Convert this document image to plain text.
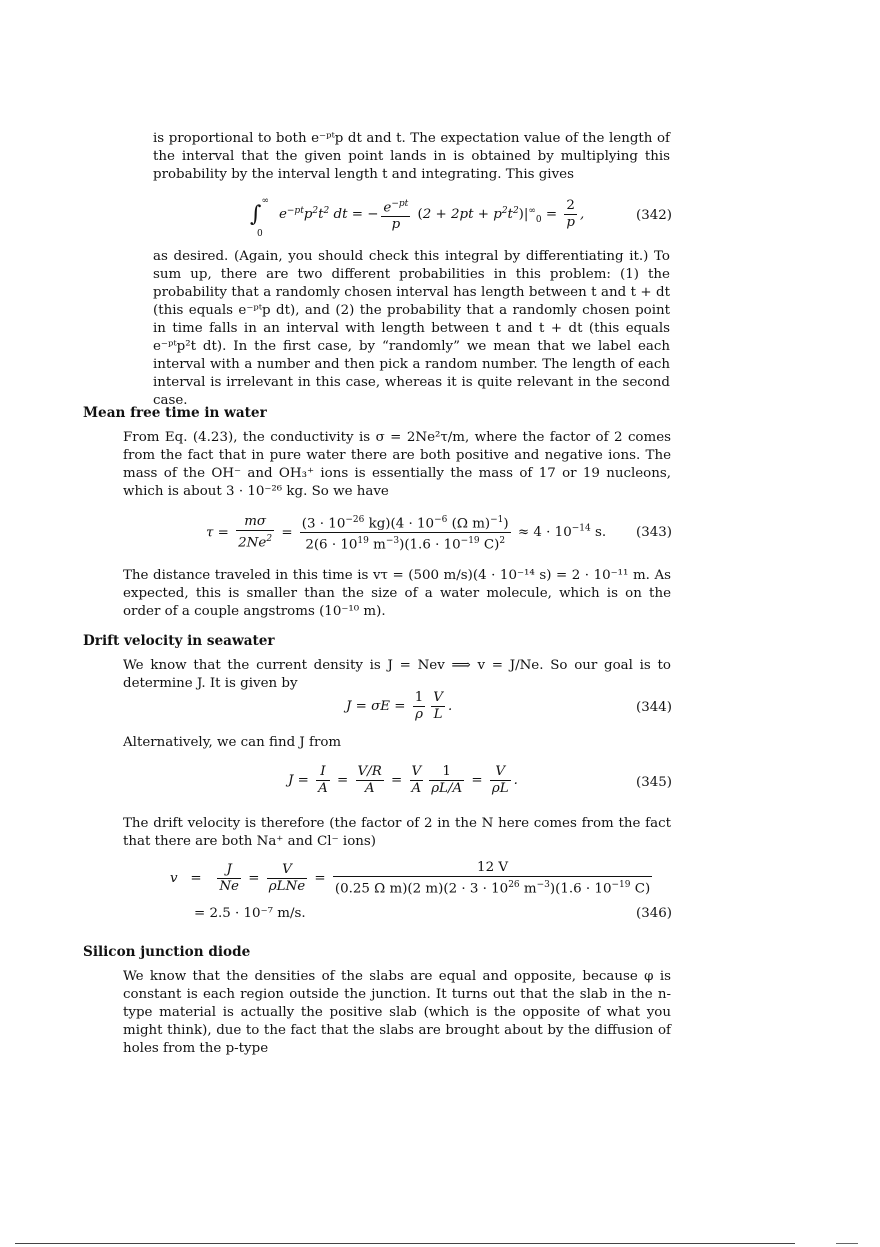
is proportional to both e⁻ᵖᵗp dt and t. The expectation value of the length of the interval that the given point lands in is obtained by multiplying this probability by the interval length t and integrating. This gives
$\int^\infty_0$ $e^{-pt}p^2t^2$ dt = − $\frac{e^{-pt}}{p} (2 + 2pt + p^2t^2)|^\infty_0 = \frac{2}{p}$ ,	(342)
as desired. (Again, you should check this integral by differentiating it.) To sum up, there are two different probabilities in this problem: (1) the probability that a randomly chosen interval has length between t and t + dt (this equals e⁻ᵖᵗp dt), and (2) the probability that a randomly chosen point in time falls in an interval with length between t and t + dt (this equals e⁻ᵖᵗp²t dt). In the first case, by “randomly” we mean that we label each interval with a number and then pick a random number. The length of each interval is irrelevant in this case, whereas it is quite relevant in the second case.
Mean free time in water
From Eq. (4.23), the conductivity is σ = 2Ne²τ/m, where the factor of 2 comes from the fact that in pure water there are both positive and negative ions. The mass of the OH⁻ and OH₃⁺ ions is essentially the mass of 17 or 19 nucleons, which is about 3 · 10⁻²⁶ kg. So we have
$\tau = \frac{m\sigma}{2Ne^2} = \frac{(3 \cdot 10^{-26} kg)(4 \cdot 10^{-6} (\Omega m)^{-1})}{2(6 \cdot 10^{19} m^{-3})(1.6 \cdot 10^{-19} C)^2} \approx 4 \cdot 10^{-14}$ s. (343)
The distance traveled in this time is vτ = (500 m/s)(4 · 10⁻¹⁴ s) = 2 · 10⁻¹¹ m. As expected, this is smaller than the size of a water molecule, which is on the order of a couple angstroms (10⁻¹⁰ m).
Drift velocity in seawater
We know that the current density is J = Nev ⟹ v = J/Ne. So our goal is to determine J. It is given by
$J = \sigma E = \frac{1}{\rho} \frac{V}{L}$ .	(344)
Alternatively, we can find J from
$J = \frac{I}{A} = \frac{V/R}{A} = \frac{V}{A} \frac{1}{\rho L/A} = \frac{V}{\rho L}$ .	(345)
The drift velocity is therefore (the factor of 2 in the N here comes from the fact that there are both Na⁺ and Cl⁻ ions)
$v = \frac{J}{Ne} = \frac{V}{\text{ρLNe}} = \frac{12 V}{(0.25 \Omega m)(2 m)(2 \cdot 3 \cdot 10^{26} m^{-3})(1.6 \cdot 10^{-19} C)}$
= 2.5 · 10⁻⁷ m/s.	(346)
Silicon junction diode
We know that the densities of the slabs are equal and opposite, because φ is constant is each region outside the junction. It turns out that the slab in the n-type material is actually the positive slab (which is the opposite of what you might think), due to the fact that the slabs are brought about by the diffusion of holes from the p-type
